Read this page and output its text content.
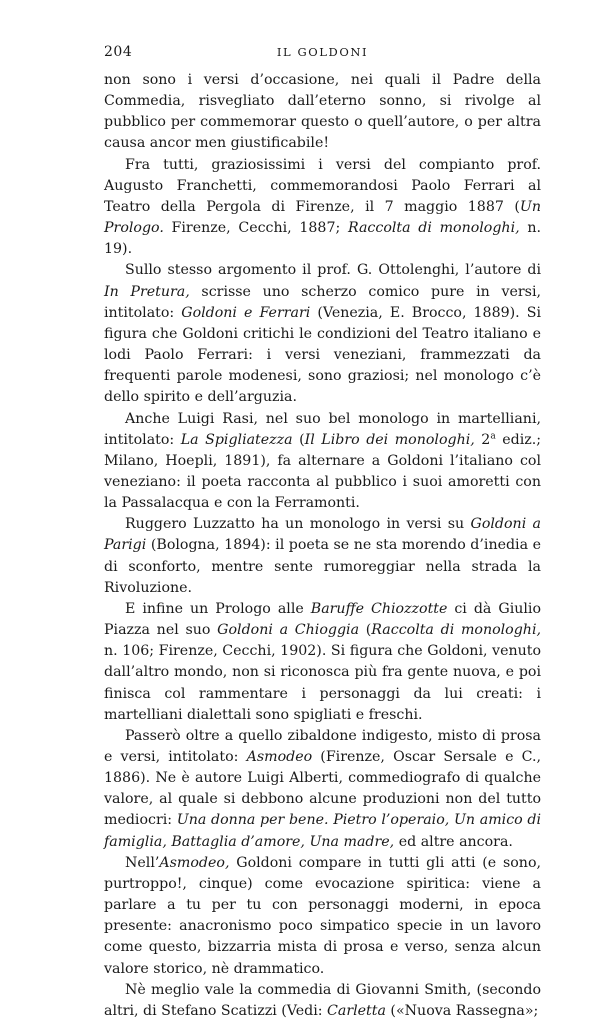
204	IL GOLDONI

non sono i versi d’occasione, nei quali il Padre della Commedia, risvegliato dall’eterno sonno, si rivolge al pubblico per commemorar questo o quell’autore, o per altra causa ancor men giustificabile!

Fra tutti, graziosissimi i versi del compianto prof. Augusto Franchetti, commemorandosi Paolo Ferrari al Teatro della Pergola di Firenze, il 7 maggio 1887 (Un Prologo. Firenze, Cecchi, 1887; Raccolta di monologhi, n. 19).

Sullo stesso argomento il prof. G. Ottolenghi, l’autore di In Pretura, scrisse uno scherzo comico pure in versi, intitolato: Goldoni e Ferrari (Venezia, E. Brocco, 1889). Si figura che Goldoni critichi le condizioni del Teatro italiano e lodi Paolo Ferrari: i versi veneziani, frammezzati da frequenti parole modenesi, sono graziosi; nel monologo c’è dello spirito e dell’arguzia.

Anche Luigi Rasi, nel suo bel monologo in martelliani, intitolato: La Spigliatezza (Il Libro dei monologhi, 2$^a$ ediz.; Milano, Hoepli, 1891), fa alternare a Goldoni l’italiano col veneziano: il poeta racconta al pubblico i suoi amoretti con la Passalacqua e con la Ferramonti.

Ruggero Luzzatto ha un monologo in versi su Goldoni a Parigi (Bologna, 1894): il poeta se ne sta morendo d’inedia e di sconforto, mentre sente rumoreggiar nella strada la Rivoluzione.

E infine un Prologo alle Baruffe Chiozzotte ci dà Giulio Piazza nel suo Goldoni a Chioggia (Raccolta di monologhi, n. 106; Firenze, Cecchi, 1902). Si figura che Goldoni, venuto dall’altro mondo, non si riconosca più fra gente nuova, e poi finisca col rammentare i personaggi da lui creati: i martelliani dialettali sono spigliati e freschi.

Passerò oltre a quello zibaldone indigesto, misto di prosa e versi, intitolato: Asmodeo (Firenze, Oscar Sersale e C., 1886). Ne è autore Luigi Alberti, commediografo di qualche valore, al quale si debbono alcune produzioni non del tutto mediocri: Una donna per bene. Pietro l’operaio, Un amico di famiglia, Battaglia d’amore, Una madre, ed altre ancora.

Nell’Asmodeo, Goldoni compare in tutti gli atti (e sono, purtroppo!, cinque) come evocazione spiritica: viene a parlare a tu per tu con personaggi moderni, in epoca presente: anacronismo poco simpatico specie in un lavoro come questo, bizzarria mista di prosa e verso, senza alcun valore storico, nè drammatico.

Nè meglio vale la commedia di Giovanni Smith, (secondo altri, di Stefano Scatizzi (Vedi: Carletta («Nuova Rassegna»;
